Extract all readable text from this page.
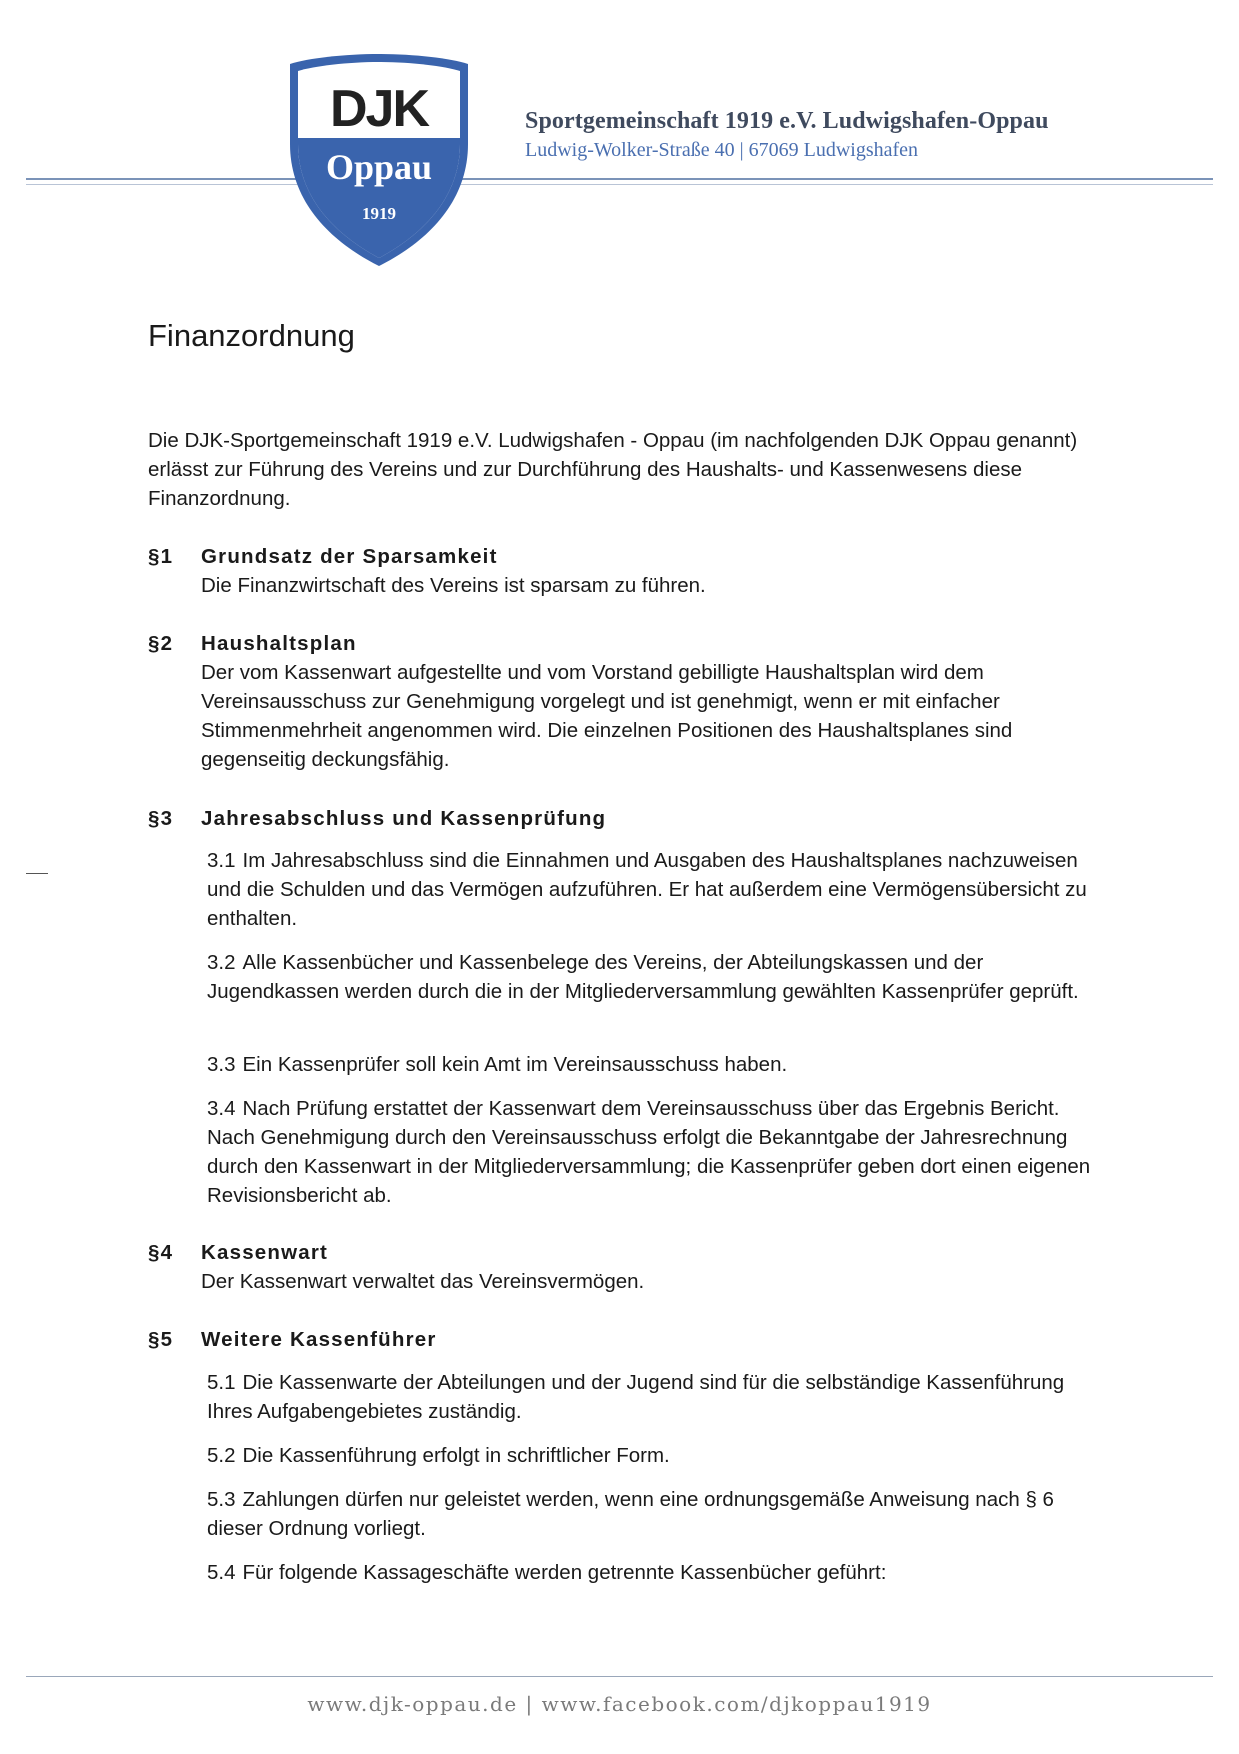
DJK
Oppau
1919
Sportgemeinschaft 1919 e.V. Ludwigshafen-Oppau
Ludwig-Wolker-Straße 40 | 67069 Ludwigshafen
Finanzordnung
Die DJK-Sportgemeinschaft 1919 e.V. Ludwigshafen - Oppau (im nachfolgenden DJK Oppau genannt) erlässt zur Führung des Vereins und zur Durchführung des Haushalts- und Kassenwesens diese Finanzordnung.
§1 Grundsatz der Sparsamkeit
Die Finanzwirtschaft des Vereins ist sparsam zu führen.
§2 Haushaltsplan
Der vom Kassenwart aufgestellte und vom Vorstand gebilligte Haushaltsplan wird dem Vereinsausschuss zur Genehmigung vorgelegt und ist genehmigt, wenn er mit einfacher Stimmenmehrheit angenommen wird. Die einzelnen Positionen des Haushaltsplanes sind gegenseitig deckungsfähig.
§3 Jahresabschluss und Kassenprüfung
3.1 Im Jahresabschluss sind die Einnahmen und Ausgaben des Haushaltsplanes nachzuweisen und die Schulden und das Vermögen aufzuführen. Er hat außerdem eine Vermögensübersicht zu enthalten.
3.2 Alle Kassenbücher und Kassenbelege des Vereins, der Abteilungskassen und der Jugendkassen werden durch die in der Mitgliederversammlung gewählten Kassenprüfer geprüft.
3.3 Ein Kassenprüfer soll kein Amt im Vereinsausschuss haben.
3.4 Nach Prüfung erstattet der Kassenwart dem Vereinsausschuss über das Ergebnis Bericht. Nach Genehmigung durch den Vereinsausschuss erfolgt die Bekanntgabe der Jahresrechnung durch den Kassenwart in der Mitgliederversammlung; die Kassenprüfer geben dort einen eigenen Revisionsbericht ab.
§4 Kassenwart
Der Kassenwart verwaltet das Vereinsvermögen.
§5 Weitere Kassenführer
5.1 Die Kassenwarte der Abteilungen und der Jugend sind für die selbständige Kassenführung Ihres Aufgabengebietes zuständig.
5.2 Die Kassenführung erfolgt in schriftlicher Form.
5.3 Zahlungen dürfen nur geleistet werden, wenn eine ordnungsgemäße Anweisung nach § 6 dieser Ordnung vorliegt.
5.4 Für folgende Kassageschäfte werden getrennte Kassenbücher geführt:
www.djk-oppau.de | www.facebook.com/djkoppau1919
